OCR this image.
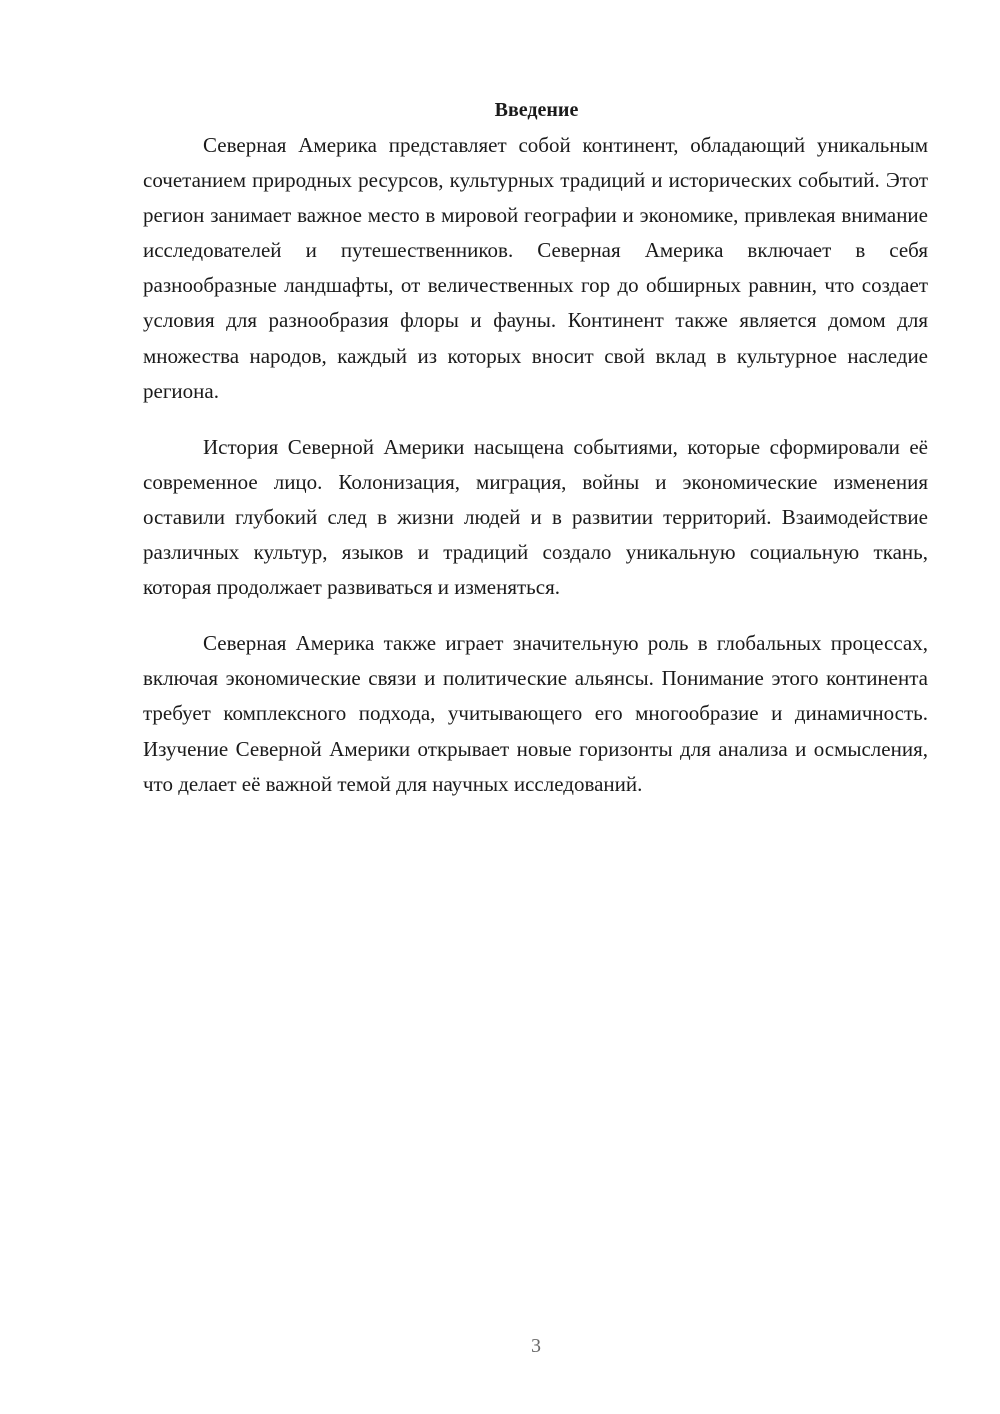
Введение

Северная Америка представляет собой континент, обладающий уникальным сочетанием природных ресурсов, культурных традиций и исторических событий. Этот регион занимает важное место в мировой географии и экономике, привлекая внимание исследователей и путешественников. Северная Америка включает в себя разнообразные ландшафты, от величественных гор до обширных равнин, что создает условия для разнообразия флоры и фауны. Континент также является домом для множества народов, каждый из которых вносит свой вклад в культурное наследие региона.

История Северной Америки насыщена событиями, которые сформировали её современное лицо. Колонизация, миграция, войны и экономические изменения оставили глубокий след в жизни людей и в развитии территорий. Взаимодействие различных культур, языков и традиций создало уникальную социальную ткань, которая продолжает развиваться и изменяться.

Северная Америка также играет значительную роль в глобальных процессах, включая экономические связи и политические альянсы. Понимание этого континента требует комплексного подхода, учитывающего его многообразие и динамичность. Изучение Северной Америки открывает новые горизонты для анализа и осмысления, что делает её важной темой для научных исследований.

3
